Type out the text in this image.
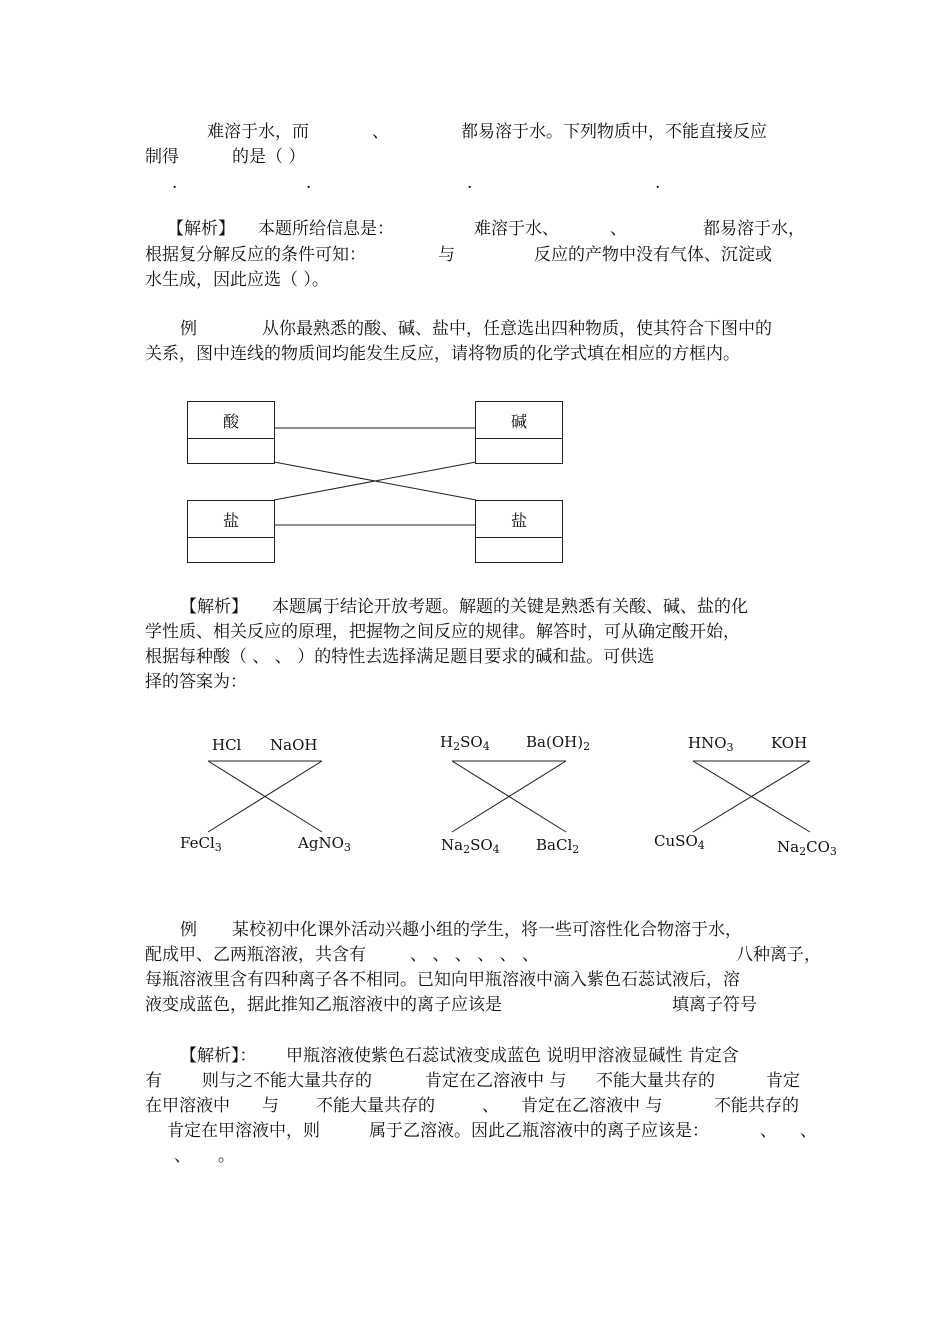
难溶于水，而	、	都易溶于水。下列物质中，不能直接反应
制得	的是（ ）
.	.	.	.
【解析】 本题所给信息是：	难溶于水、	、	都易溶于水，
根据复分解反应的条件可知：	与	反应的产物中没有气体、沉淀或
水生成，因此应选（ ）。
例	从你最熟悉的酸、碱、盐中，任意选出四种物质，使其符合下图中的
关系，图中连线的物质间均能发生反应，请将物质的化学式填在相应的方框内。
酸	碱
盐	盐
【解析】 本题属于结论开放考题。解题的关键是熟悉有关酸、碱、盐的化
学性质、相关反应的原理，把握物之间反应的规律。解答时，可从确定酸开始，
根据每种酸（ 、 、 ）的特性去选择满足题目要求的碱和盐。可供选
择的答案为：
HCl NaOH
FeCl$_3$	AgNO$_3$
$H_2SO_4$ $Ba(OH)_2$
$Na_2SO_4$ BaCl$_2$
$HNO_3$ KOH
CuSO$_4$	$Na_2CO_3$
例 某校初中化课外活动兴趣小组的学生，将一些可溶性化合物溶于水，
配成甲、乙两瓶溶液，共含有	、 、 、 、 、 、	八种离子，
每瓶溶液里含有四种离子各不相同。已知向甲瓶溶液中滴入紫色石蕊试液后，溶
液变成蓝色，据此推知乙瓶溶液中的离子应该是	填离子符号
【解析】： 甲瓶溶液使紫色石蕊试液变成蓝色 说明甲溶液显碱性 肯定含
有 则与之不能大量共存的	肯定在乙溶液中 与 不能大量共存的	肯定
在甲溶液中 与 不能大量共存的	、 肯定在乙溶液中 与	不能共存的
肯定在甲溶液中，则	属于乙溶液。因此乙瓶溶液中的离子应该是：	、 、
、 。
